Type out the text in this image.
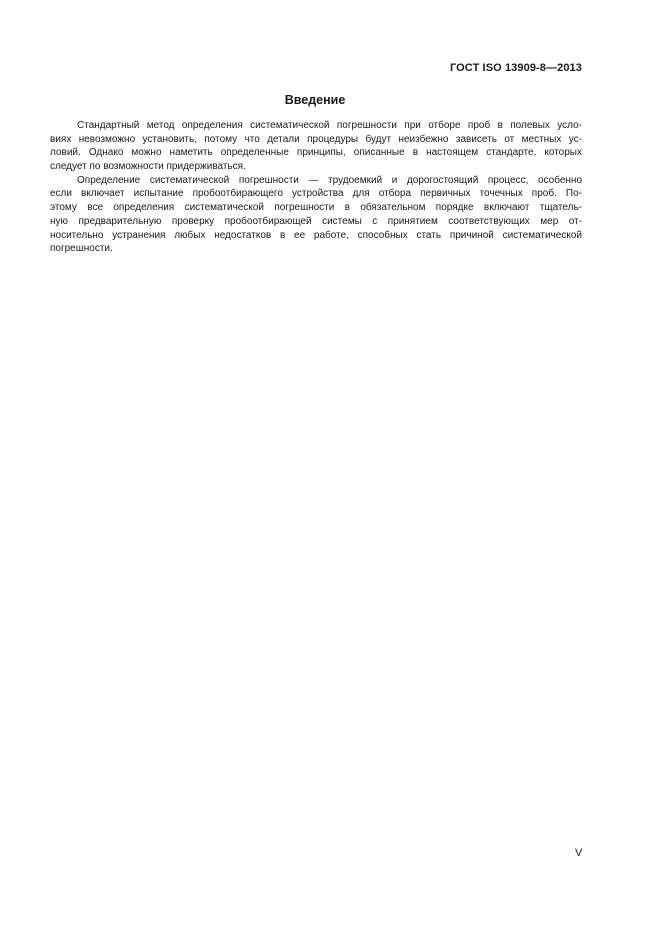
ГОСТ ISO 13909-8—2013
Введение
Стандартный метод определения систематической погрешности при отборе проб в полевых усло-
виях невозможно установить, потому что детали процедуры будут неизбежно зависеть от местных ус-
ловий. Однако можно наметить определенные принципы, описанные в настоящем стандарте, которых
следует по возможности придерживаться.
Определение систематической погрешности — трудоемкий и дорогостоящий процесс, особенно
если включает испытание пробоотбирающего устройства для отбора первичных точечных проб. По-
этому все определения систематической погрешности в обязательном порядке включают тщатель-
ную предварительную проверку пробоотбирающей системы с принятием соответствующих мер от-
носительно устранения любых недостатков в ее работе, способных стать причиной систематической
погрешности.
V
